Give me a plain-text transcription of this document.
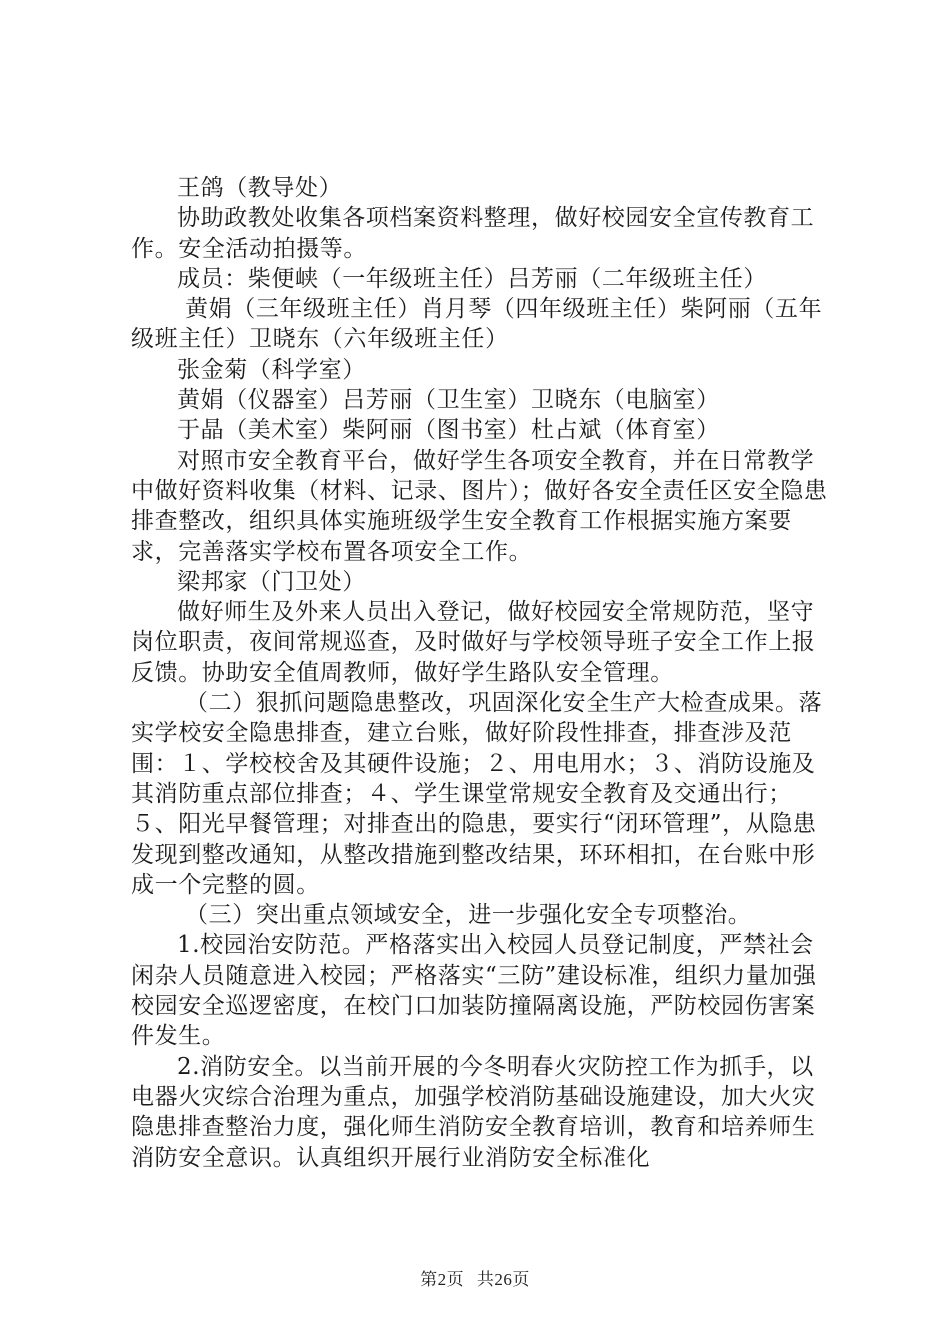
王鸽（教导处）

协助政教处收集各项档案资料整理，做好校园安全宣传教育工作。安全活动拍摄等。

成员：柴便峡（一年级班主任）吕芳丽（二年级班主任）

黄娟（三年级班主任）肖月琴（四年级班主任）柴阿丽（五年级班主任）卫晓东（六年级班主任）

张金菊（科学室）

黄娟（仪器室）吕芳丽（卫生室）卫晓东（电脑室）

于晶（美术室）柴阿丽（图书室）杜占斌（体育室）

对照市安全教育平台，做好学生各项安全教育，并在日常教学中做好资料收集（材料、记录、图片）；做好各安全责任区安全隐患排查整改，组织具体实施班级学生安全教育工作根据实施方案要求，完善落实学校布置各项安全工作。

梁邦家（门卫处）

做好师生及外来人员出入登记，做好校园安全常规防范，坚守岗位职责，夜间常规巡查，及时做好与学校领导班子安全工作上报反馈。协助安全值周教师，做好学生路队安全管理。

（二）狠抓问题隐患整改，巩固深化安全生产大检查成果。落实学校安全隐患排查，建立台账，做好阶段性排查，排查涉及范围：１、学校校舍及其硬件设施；２、用电用水；３、消防设施及其消防重点部位排查；４、学生课堂常规安全教育及交通出行；５、阳光早餐管理；对排查出的隐患，要实行“闭环管理”，从隐患发现到整改通知，从整改措施到整改结果，环环相扣，在台账中形成一个完整的圆。

（三）突出重点领域安全，进一步强化安全专项整治。

1.校园治安防范。严格落实出入校园人员登记制度，严禁社会闲杂人员随意进入校园；严格落实“三防”建设标准，组织力量加强校园安全巡逻密度，在校门口加装防撞隔离设施，严防校园伤害案件发生。

2.消防安全。以当前开展的今冬明春火灾防控工作为抓手，以电器火灾综合治理为重点，加强学校消防基础设施建设，加大火灾隐患排查整治力度，强化师生消防安全教育培训，教育和培养师生消防安全意识。认真组织开展行业消防安全标准化

第2页 共26页
